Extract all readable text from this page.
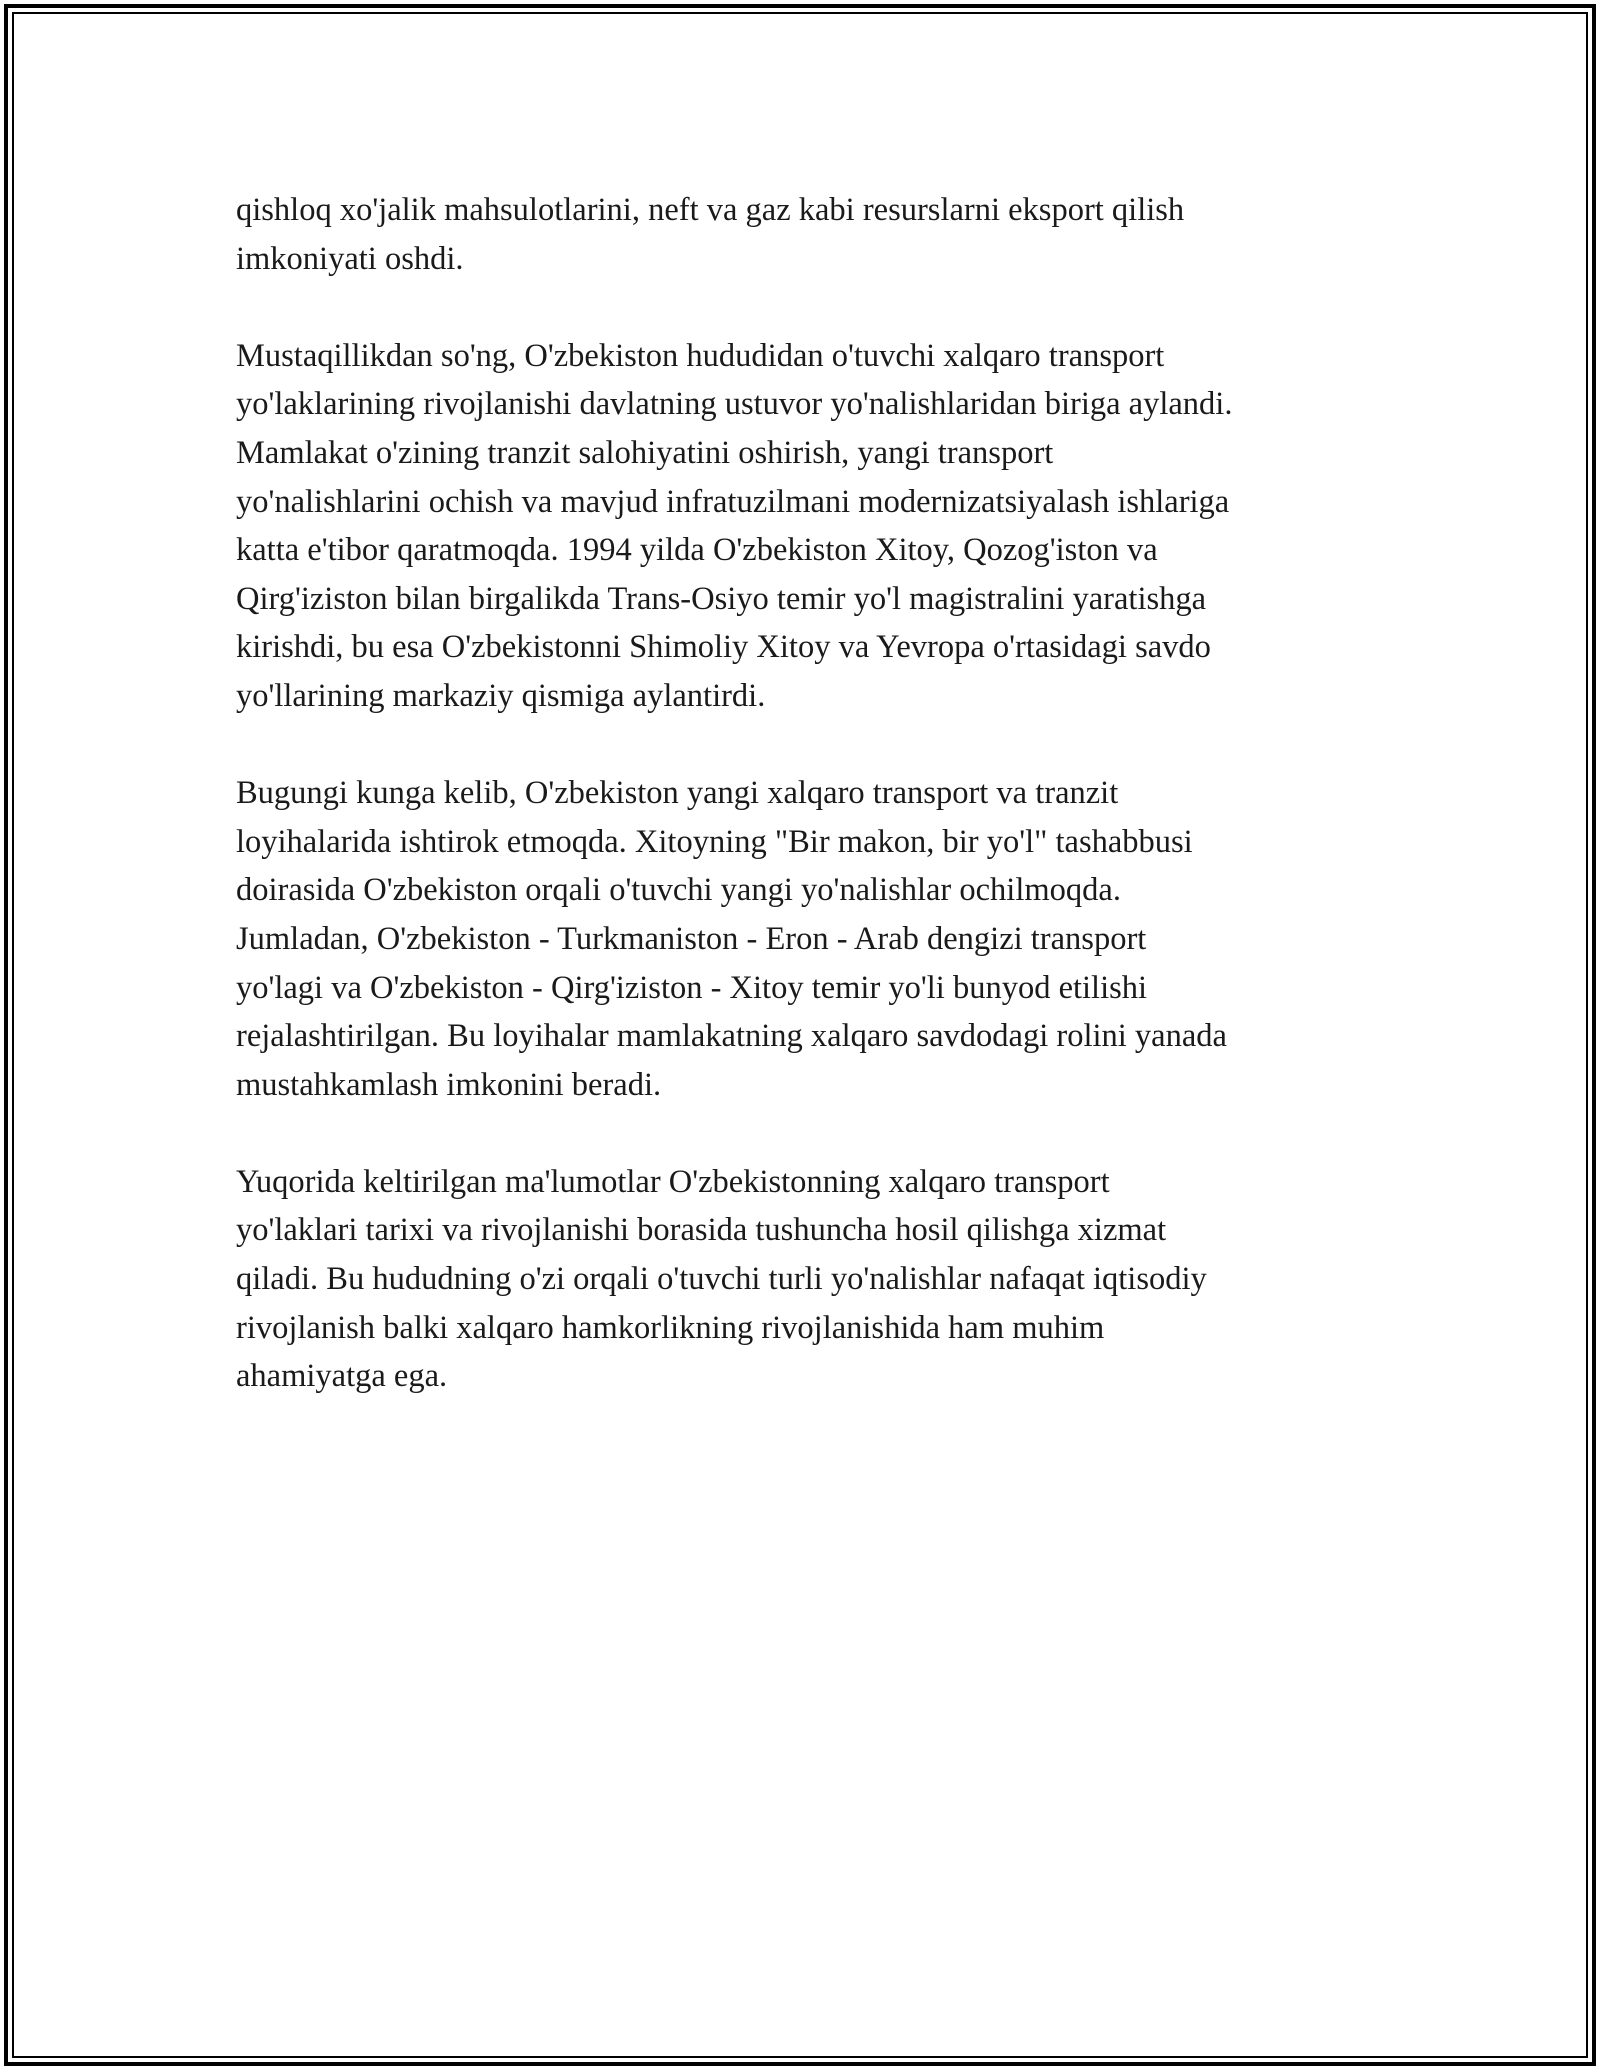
qishloq xo'jalik mahsulotlarini, neft va gaz kabi resurslarni eksport qilish
imkoniyati oshdi.

Mustaqillikdan so'ng, O'zbekiston hududidan o'tuvchi xalqaro transport
yo'laklarining rivojlanishi davlatning ustuvor yo'nalishlaridan biriga aylandi.
Mamlakat o'zining tranzit salohiyatini oshirish, yangi transport
yo'nalishlarini ochish va mavjud infratuzilmani modernizatsiyalash ishlariga
katta e'tibor qaratmoqda. 1994 yilda O'zbekiston Xitoy, Qozog'iston va
Qirg'iziston bilan birgalikda Trans-Osiyo temir yo'l magistralini yaratishga
kirishdi, bu esa O'zbekistonni Shimoliy Xitoy va Yevropa o'rtasidagi savdo
yo'llarining markaziy qismiga aylantirdi.

Bugungi kunga kelib, O'zbekiston yangi xalqaro transport va tranzit
loyihalarida ishtirok etmoqda. Xitoyning "Bir makon, bir yo'l" tashabbusi
doirasida O'zbekiston orqali o'tuvchi yangi yo'nalishlar ochilmoqda.
Jumladan, O'zbekiston - Turkmaniston - Eron - Arab dengizi transport
yo'lagi va O'zbekiston - Qirg'iziston - Xitoy temir yo'li bunyod etilishi
rejalashtirilgan. Bu loyihalar mamlakatning xalqaro savdodagi rolini yanada
mustahkamlash imkonini beradi.

Yuqorida keltirilgan ma'lumotlar O'zbekistonning xalqaro transport
yo'laklari tarixi va rivojlanishi borasida tushuncha hosil qilishga xizmat
qiladi. Bu hududning o'zi orqali o'tuvchi turli yo'nalishlar nafaqat iqtisodiy
rivojlanish balki xalqaro hamkorlikning rivojlanishida ham muhim
ahamiyatga ega.
